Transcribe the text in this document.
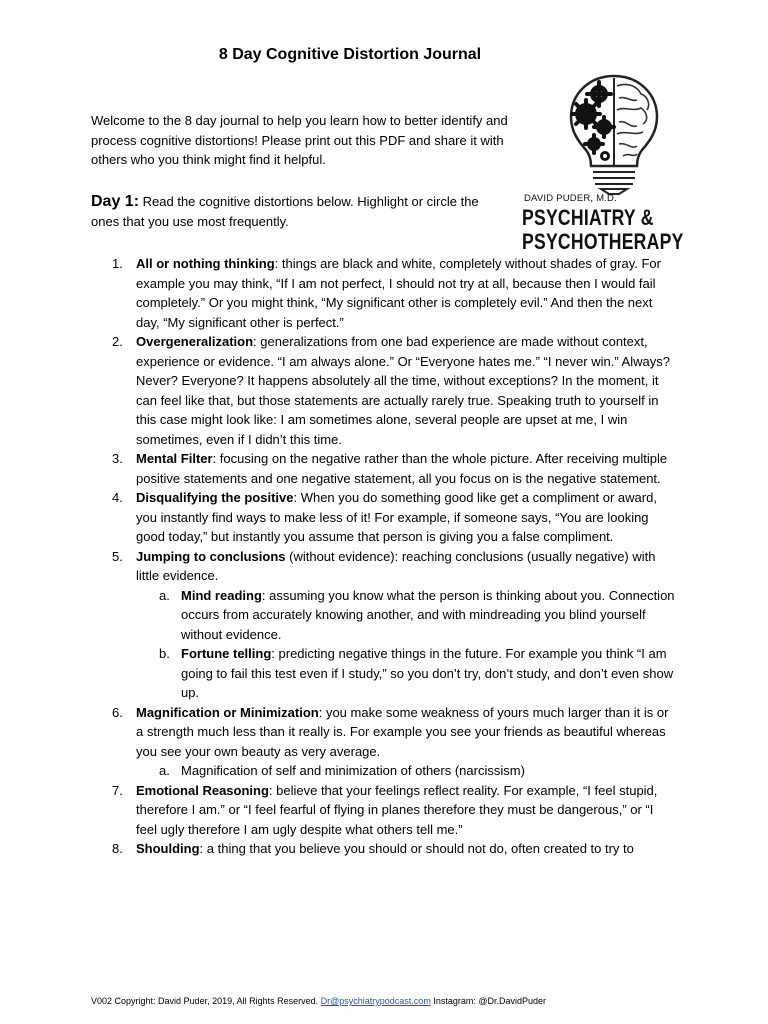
8 Day Cognitive Distortion Journal
Welcome to the 8 day journal to help you learn how to better identify and process cognitive distortions! Please print out this PDF and share it with others who you think might find it helpful.
Day 1: Read the cognitive distortions below. Highlight or circle the ones that you use most frequently.
DAVID PUDER, M.D.
PSYCHIATRY &
PSYCHOTHERAPY
1. All or nothing thinking: things are black and white, completely without shades of gray. For example you may think, “If I am not perfect, I should not try at all, because then I would fail completely.” Or you might think, “My significant other is completely evil.” And then the next day, “My significant other is perfect.”
2. Overgeneralization: generalizations from one bad experience are made without context, experience or evidence. “I am always alone.” Or “Everyone hates me.” “I never win.” Always? Never? Everyone? It happens absolutely all the time, without exceptions? In the moment, it can feel like that, but those statements are actually rarely true. Speaking truth to yourself in this case might look like: I am sometimes alone, several people are upset at me, I win sometimes, even if I didn’t this time.
3. Mental Filter: focusing on the negative rather than the whole picture. After receiving multiple positive statements and one negative statement, all you focus on is the negative statement.
4. Disqualifying the positive: When you do something good like get a compliment or award, you instantly find ways to make less of it! For example, if someone says, “You are looking good today,” but instantly you assume that person is giving you a false compliment.
5. Jumping to conclusions (without evidence): reaching conclusions (usually negative) with little evidence.
a. Mind reading: assuming you know what the person is thinking about you. Connection occurs from accurately knowing another, and with mindreading you blind yourself without evidence.
b. Fortune telling: predicting negative things in the future. For example you think “I am going to fail this test even if I study,” so you don’t try, don’t study, and don’t even show up.
6. Magnification or Minimization: you make some weakness of yours much larger than it is or a strength much less than it really is. For example you see your friends as beautiful whereas you see your own beauty as very average.
a. Magnification of self and minimization of others (narcissism)
7. Emotional Reasoning: believe that your feelings reflect reality. For example, “I feel stupid, therefore I am.” or “I feel fearful of flying in planes therefore they must be dangerous,” or “I feel ugly therefore I am ugly despite what others tell me.”
8. Shoulding: a thing that you believe you should or should not do, often created to try to
V002 Copyright: David Puder, 2019, All Rights Reserved. Dr@psychiatrypodcast.com Instagram: @Dr.DavidPuder
